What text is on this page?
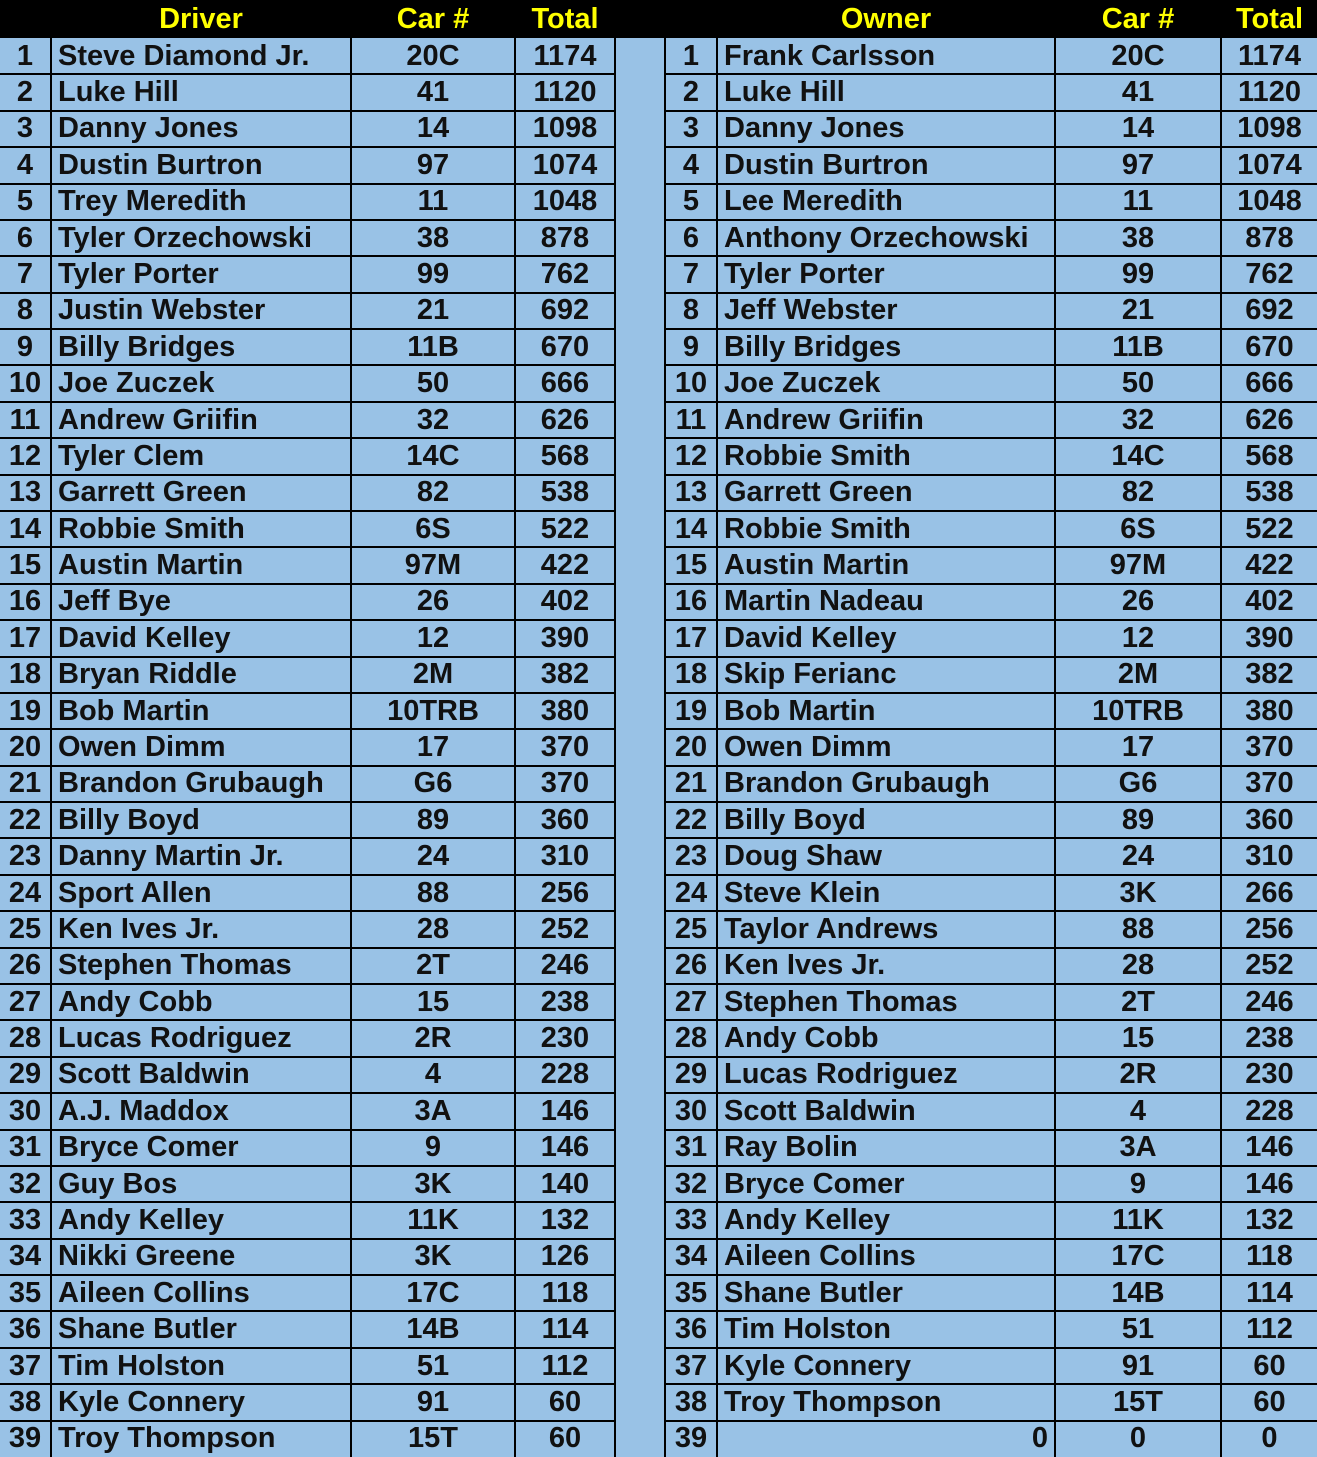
Driver	Car #	Total	Owner	Car #	Total
1 Steve Diamond Jr.	20C	1174	1 Frank Carlsson	20C	1174
2 Luke Hill	41	1120	2 Luke Hill	41	1120
3 Danny Jones	14	1098	3 Danny Jones	14	1098
4 Dustin Burtron	97	1074	4 Dustin Burtron	97	1074
5 Trey Meredith	11	1048	5 Lee Meredith	11	1048
6 Tyler Orzechowski	38	878	6 Anthony Orzechowski	38	878
7 Tyler Porter	99	762	7 Tyler Porter	99	762
8 Justin Webster	21	692	8 Jeff Webster	21	692
9 Billy Bridges	11B	670	9 Billy Bridges	11B	670
10 Joe Zuczek	50	666	10 Joe Zuczek	50	666
11 Andrew Griifin	32	626	11 Andrew Griifin	32	626
12 Tyler Clem	14C	568	12 Robbie Smith	14C	568
13 Garrett Green	82	538	13 Garrett Green	82	538
14 Robbie Smith	6S	522	14 Robbie Smith	6S	522
15 Austin Martin	97M	422	15 Austin Martin	97M	422
16 Jeff Bye	26	402	16 Martin Nadeau	26	402
17 David Kelley	12	390	17 David Kelley	12	390
18 Bryan Riddle	2M	382	18 Skip Ferianc	2M	382
19 Bob Martin	10TRB	380	19 Bob Martin	10TRB	380
20 Owen Dimm	17	370	20 Owen Dimm	17	370
21 Brandon Grubaugh	G6	370	21 Brandon Grubaugh	G6	370
22 Billy Boyd	89	360	22 Billy Boyd	89	360
23 Danny Martin Jr.	24	310	23 Doug Shaw	24	310
24 Sport Allen	88	256	24 Steve Klein	3K	266
25 Ken Ives Jr.	28	252	25 Taylor Andrews	88	256
26 Stephen Thomas	2T	246	26 Ken Ives Jr.	28	252
27 Andy Cobb	15	238	27 Stephen Thomas	2T	246
28 Lucas Rodriguez	2R	230	28 Andy Cobb	15	238
29 Scott Baldwin	4	228	29 Lucas Rodriguez	2R	230
30 A.J. Maddox	3A	146	30 Scott Baldwin	4	228
31 Bryce Comer	9	146	31 Ray Bolin	3A	146
32 Guy Bos	3K	140	32 Bryce Comer	9	146
33 Andy Kelley	11K	132	33 Andy Kelley	11K	132
34 Nikki Greene	3K	126	34 Aileen Collins	17C	118
35 Aileen Collins	17C	118	35 Shane Butler	14B	114
36 Shane Butler	14B	114	36 Tim Holston	51	112
37 Tim Holston	51	112	37 Kyle Connery	91	60
38 Kyle Connery	91	60	38 Troy Thompson	15T	60
39 Troy Thompson	15T	60	39	0	0	0
